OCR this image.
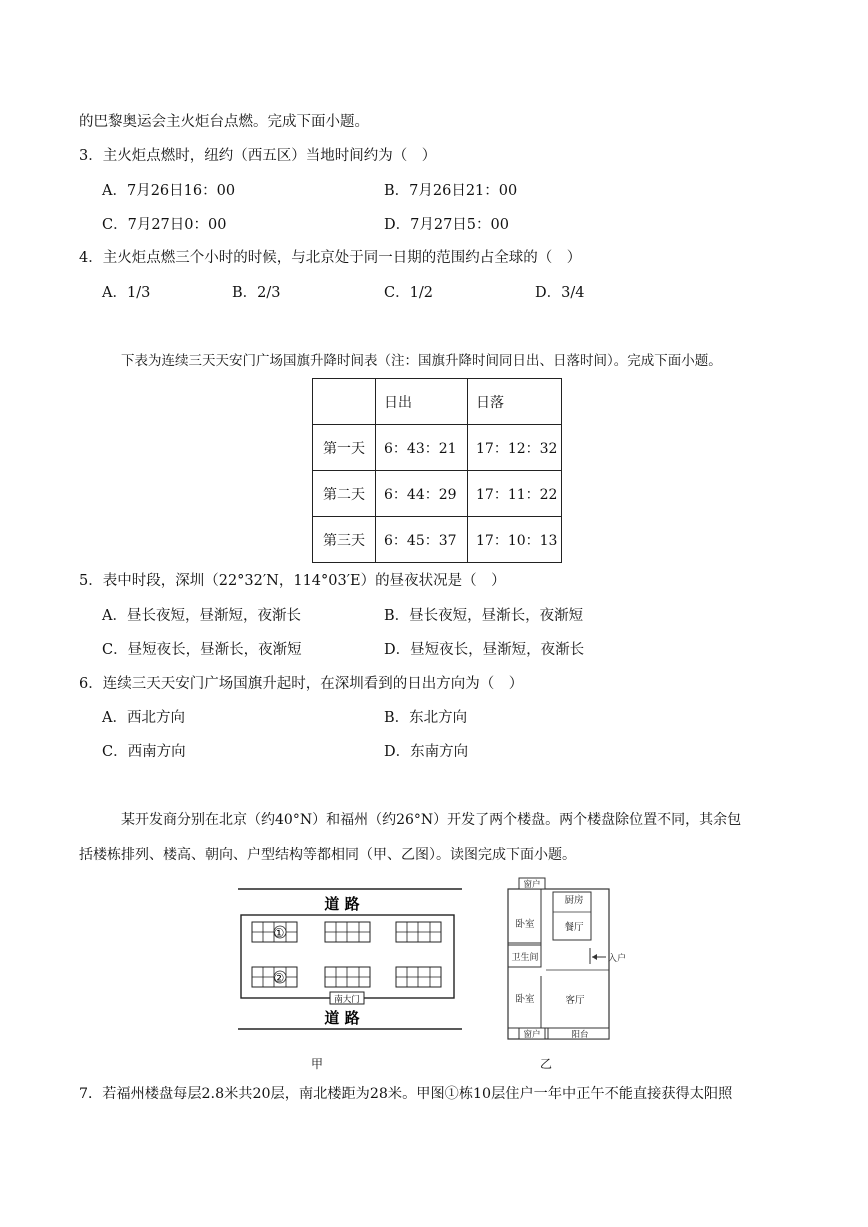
的巴黎奥运会主火炬台点燃。完成下面小题。
3．主火炬点燃时，纽约（西五区）当地时间约为（　）
A．7月26日16：00	B．7月26日21：00
C．7月27日0：00	D．7月27日5：00
4．主火炬点燃三个小时的时候，与北京处于同一日期的范围约占全球的（　）
A．1/3	B．2/3	C．1/2	D．3/4
下表为连续三天天安门广场国旗升降时间表（注：国旗升降时间同日出、日落时间）。完成下面小题。
	日出	日落
第一天	6：43：21	17：12：32
第二天	6：44：29	17：11：22
第三天	6：45：37	17：10：13
5．表中时段，深圳（22°32′N，114°03′E）的昼夜状况是（　）
A．昼长夜短，昼渐短，夜渐长	B．昼长夜短，昼渐长，夜渐短
C．昼短夜长，昼渐长，夜渐短	D．昼短夜长，昼渐短，夜渐长
6．连续三天天安门广场国旗升起时，在深圳看到的日出方向为（　）
A．西北方向	B．东北方向
C．西南方向	D．东南方向
某开发商分别在北京（约40°N）和福州（约26°N）开发了两个楼盘。两个楼盘除位置不同，其余包
括楼栋排列、楼高、朝向、户型结构等都相同（甲、乙图）。读图完成下面小题。
道 路
①
②
南大门
道 路
甲
窗户
厨房
餐厅
卧室
卫生间
卧室	客厅
入户
窗户	阳台
乙
7．若福州楼盘每层2.8米共20层，南北楼距为28米。甲图①栋10层住户一年中正午不能直接获得太阳照
